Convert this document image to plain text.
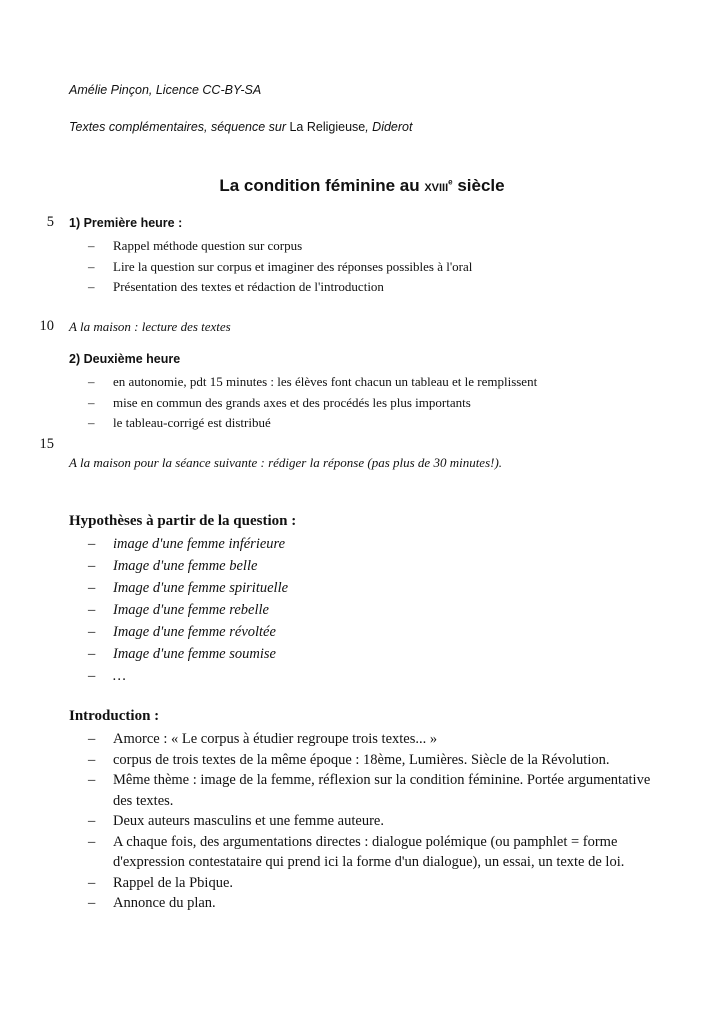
Amélie Pinçon, Licence CC-BY-SA
Textes complémentaires, séquence sur La Religieuse, Diderot
La condition féminine au XVIIIe siècle
5
10
15
1) Première heure :
– Rappel méthode question sur corpus
– Lire la question sur corpus et imaginer des réponses possibles à l'oral
– Présentation des textes et rédaction de l'introduction
A la maison : lecture des textes
2) Deuxième heure
– en autonomie, pdt 15 minutes : les élèves font chacun un tableau et le remplissent
– mise en commun des grands axes et des procédés les plus importants
– le tableau-corrigé est distribué
A la maison pour la séance suivante : rédiger la réponse (pas plus de 30 minutes!).
Hypothèses à partir de la question :
– image d'une femme inférieure
– Image d'une femme belle
– Image d'une femme spirituelle
– Image d'une femme rebelle
– Image d'une femme révoltée
– Image d'une femme soumise
– …
Introduction :
– Amorce : « Le corpus à étudier regroupe trois textes... »
– corpus de trois textes de la même époque : 18ème, Lumières. Siècle de la Révolution.
– Même thème : image de la femme, réflexion sur la condition féminine. Portée argumentative des textes.
– Deux auteurs masculins et une femme auteure.
– A chaque fois, des argumentations directes : dialogue polémique (ou pamphlet = forme d'expression contestataire qui prend ici la forme d'un dialogue), un essai, un texte de loi.
– Rappel de la Pbique.
– Annonce du plan.
